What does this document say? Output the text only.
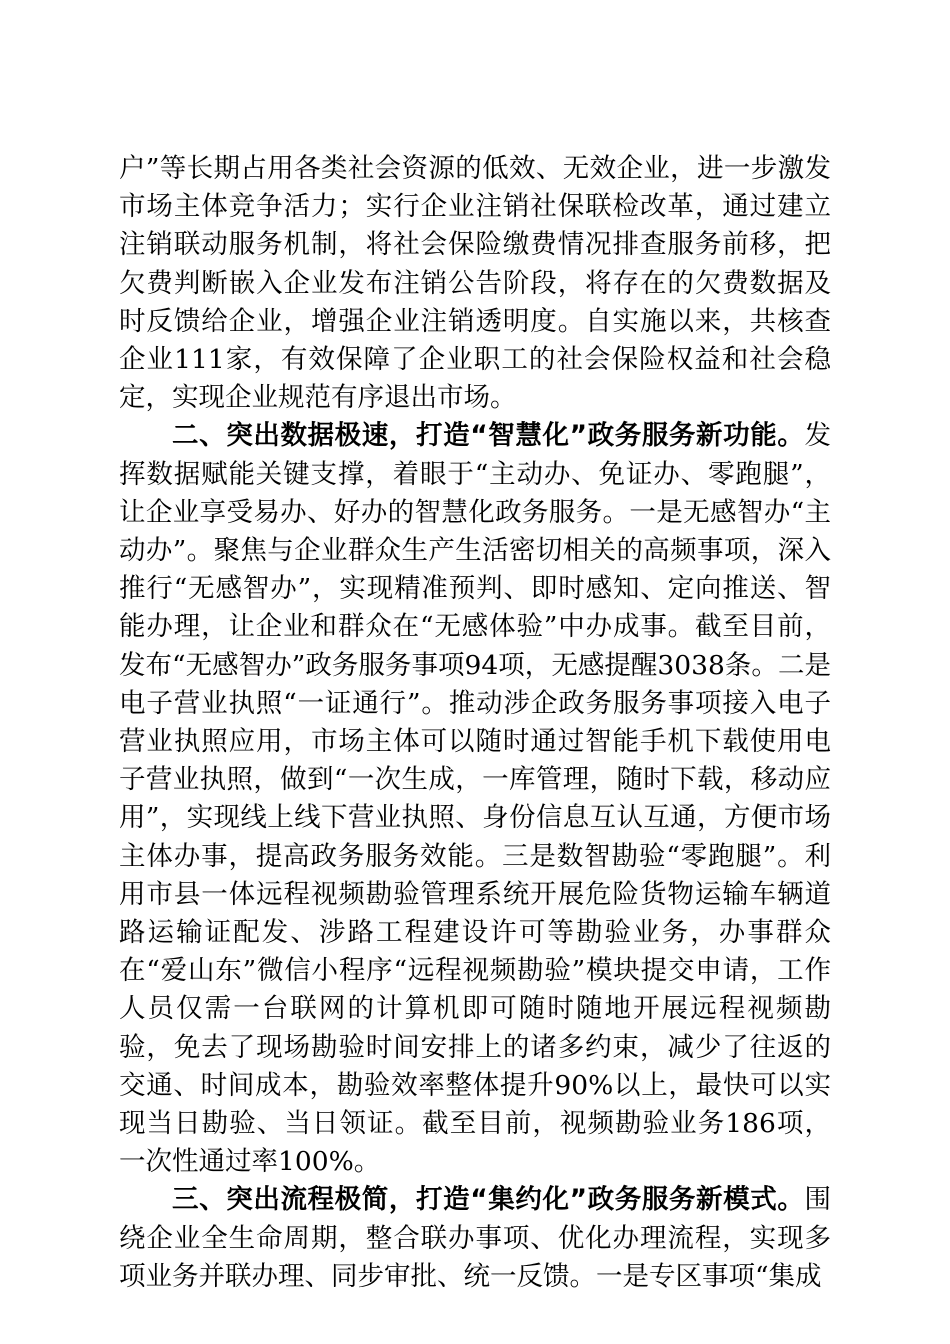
户”等长期占用各类社会资源的低效、无效企业，进一步激发市场主体竞争活力；实行企业注销社保联检改革，通过建立注销联动服务机制，将社会保险缴费情况排查服务前移，把欠费判断嵌入企业发布注销公告阶段，将存在的欠费数据及时反馈给企业，增强企业注销透明度。自实施以来，共核查企业111家，有效保障了企业职工的社会保险权益和社会稳定，实现企业规范有序退出市场。

二、突出数据极速，打造“智慧化”政务服务新功能。发挥数据赋能关键支撑，着眼于“主动办、免证办、零跑腿”，让企业享受易办、好办的智慧化政务服务。一是无感智办“主动办”。聚焦与企业群众生产生活密切相关的高频事项，深入推行“无感智办”，实现精准预判、即时感知、定向推送、智能办理，让企业和群众在“无感体验”中办成事。截至目前，发布“无感智办”政务服务事项94项，无感提醒3038条。二是电子营业执照“一证通行”。推动涉企政务服务事项接入电子营业执照应用，市场主体可以随时通过智能手机下载使用电子营业执照，做到“一次生成，一库管理，随时下载，移动应用”，实现线上线下营业执照、身份信息互认互通，方便市场主体办事，提高政务服务效能。三是数智勘验“零跑腿”。利用市县一体远程视频勘验管理系统开展危险货物运输车辆道路运输证配发、涉路工程建设许可等勘验业务，办事群众在“爱山东”微信小程序“远程视频勘验”模块提交申请，工作人员仅需一台联网的计算机即可随时随地开展远程视频勘验，免去了现场勘验时间安排上的诸多约束，减少了往返的交通、时间成本，勘验效率整体提升90%以上，最快可以实现当日勘验、当日领证。截至目前，视频勘验业务186项，一次性通过率100%。

三、突出流程极简，打造“集约化”政务服务新模式。围绕企业全生命周期，整合联办事项、优化办理流程，实现多项业务并联办理、同步审批、统一反馈。一是专区事项“集成
